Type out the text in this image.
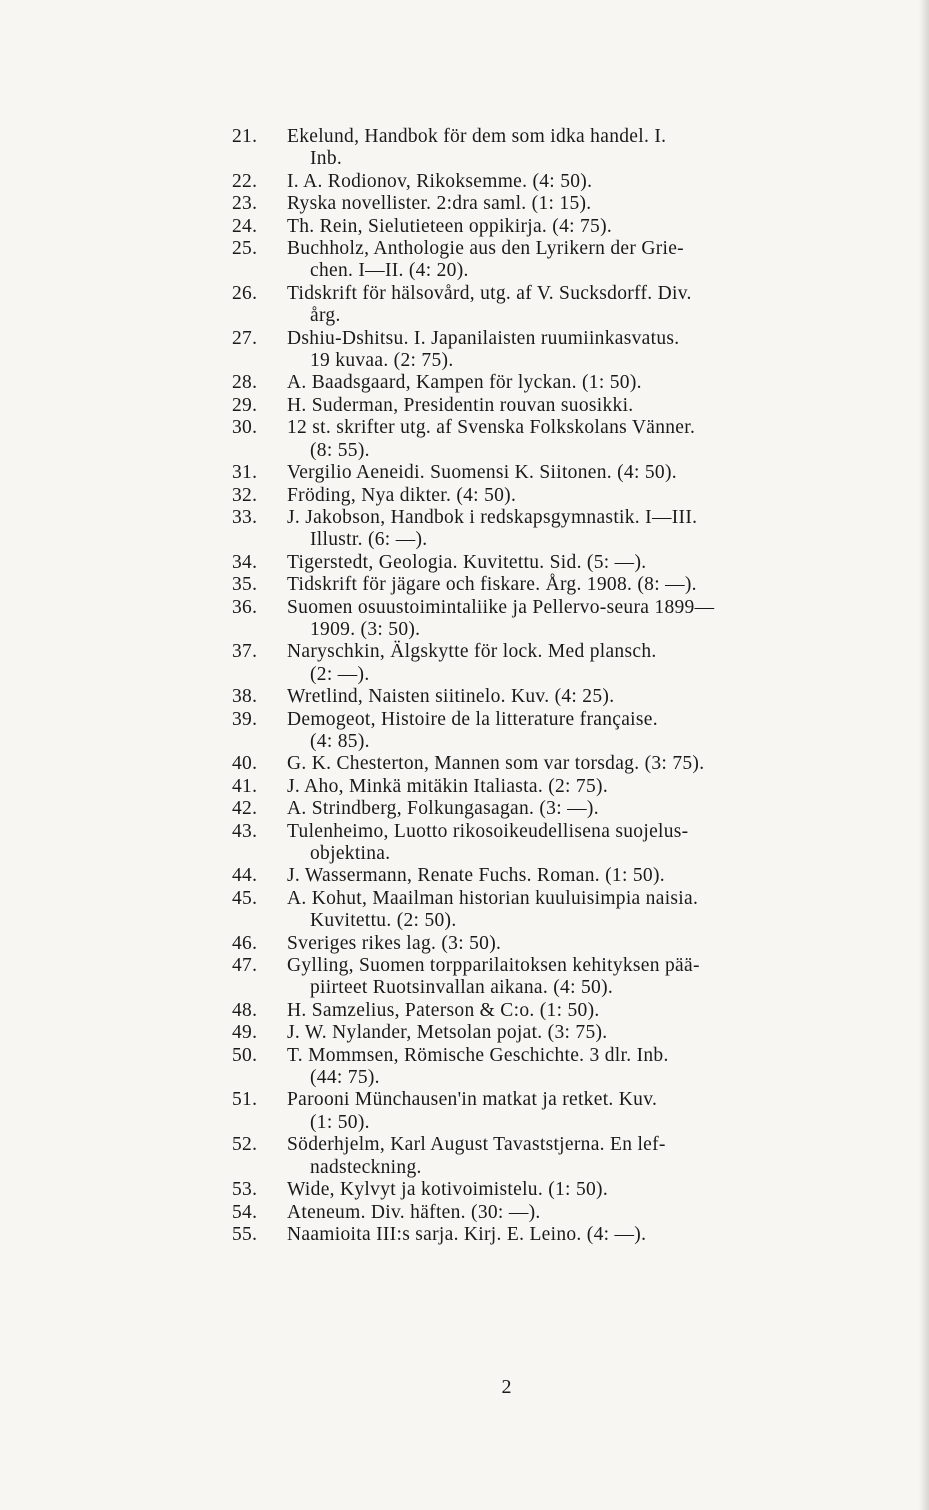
21.	Ekelund, Handbok för dem som idka handel. I.
Inb.
22.	I. A. Rodionov, Rikoksemme. (4: 50).
23.	Ryska novellister. 2:dra saml. (1: 15).
24.	Th. Rein, Sielutieteen oppikirja. (4: 75).
25.	Buchholz, Anthologie aus den Lyrikern der Grie-
chen. I—II. (4: 20).
26.	Tidskrift för hälsovård, utg. af V. Sucksdorff. Div.
årg.
27.	Dshiu-Dshitsu. I. Japanilaisten ruumiinkasvatus.
19 kuvaa. (2: 75).
28.	A. Baadsgaard, Kampen för lyckan. (1: 50).
29.	H. Suderman, Presidentin rouvan suosikki.
30.	12 st. skrifter utg. af Svenska Folkskolans Vänner.
(8: 55).
31.	Vergilio Aeneidi. Suomensi K. Siitonen. (4: 50).
32.	Fröding, Nya dikter. (4: 50).
33.	J. Jakobson, Handbok i redskapsgymnastik. I—III.
Illustr. (6: —).
34.	Tigerstedt, Geologia. Kuvitettu. Sid. (5: —).
35.	Tidskrift för jägare och fiskare. Årg. 1908. (8: —).
36.	Suomen osuustoimintaliike ja Pellervo-seura 1899—
1909. (3: 50).
37.	Naryschkin, Älgskytte för lock. Med plansch.
(2: —).
38.	Wretlind, Naisten siitinelo. Kuv. (4: 25).
39.	Demogeot, Histoire de la litterature française.
(4: 85).
40.	G. K. Chesterton, Mannen som var torsdag. (3: 75).
41.	J. Aho, Minkä mitäkin Italiasta. (2: 75).
42.	A. Strindberg, Folkungasagan. (3: —).
43.	Tulenheimo, Luotto rikosoikeudellisena suojelus-
objektina.
44.	J. Wassermann, Renate Fuchs. Roman. (1: 50).
45.	A. Kohut, Maailman historian kuuluisimpia naisia.
Kuvitettu. (2: 50).
46.	Sveriges rikes lag. (3: 50).
47.	Gylling, Suomen torpparilaitoksen kehityksen pää-
piirteet Ruotsinvallan aikana. (4: 50).
48.	H. Samzelius, Paterson & C:o. (1: 50).
49.	J. W. Nylander, Metsolan pojat. (3: 75).
50.	T. Mommsen, Römische Geschichte. 3 dlr. Inb.
(44: 75).
51.	Parooni Münchausen'in matkat ja retket. Kuv.
(1: 50).
52.	Söderhjelm, Karl August Tavaststjerna. En lef-
nadsteckning.
53.	Wide, Kylvyt ja kotivoimistelu. (1: 50).
54.	Ateneum. Div. häften. (30: —).
55.	Naamioita III:s sarja. Kirj. E. Leino. (4: —).
2
